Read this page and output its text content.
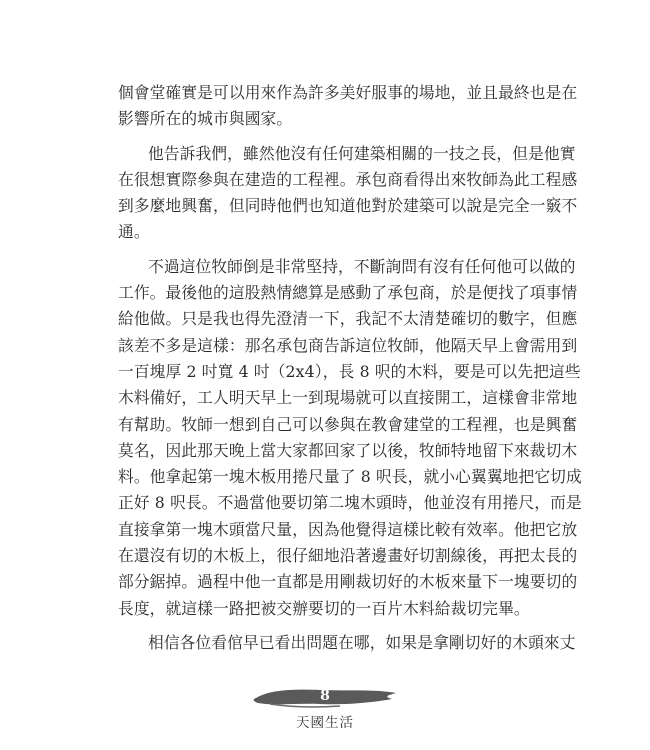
個會堂確實是可以用來作為許多美好服事的場地，並且最終也是在
影響所在的城市與國家。
他告訴我們，雖然他沒有任何建築相關的一技之長，但是他實
在很想實際參與在建造的工程裡。承包商看得出來牧師為此工程感
到多麼地興奮，但同時他們也知道他對於建築可以說是完全一竅不
通。
不過這位牧師倒是非常堅持，不斷詢問有沒有任何他可以做的
工作。最後他的這股熱情總算是感動了承包商，於是便找了項事情
給他做。只是我也得先澄清一下，我記不太清楚確切的數字，但應
該差不多是這樣：那名承包商告訴這位牧師，他隔天早上會需用到
一百塊厚 2 吋寬 4 吋（2x4），長 8 呎的木料，要是可以先把這些
木料備好，工人明天早上一到現場就可以直接開工，這樣會非常地
有幫助。牧師一想到自己可以參與在教會建堂的工程裡，也是興奮
莫名，因此那天晚上當大家都回家了以後，牧師特地留下來裁切木
料。他拿起第一塊木板用捲尺量了 8 呎長，就小心翼翼地把它切成
正好 8 呎長。不過當他要切第二塊木頭時，他並沒有用捲尺，而是
直接拿第一塊木頭當尺量，因為他覺得這樣比較有效率。他把它放
在還沒有切的木板上，很仔細地沿著邊畫好切割線後，再把太長的
部分鋸掉。過程中他一直都是用剛裁切好的木板來量下一塊要切的
長度，就這樣一路把被交辦要切的一百片木料給裁切完畢。
相信各位看倌早已看出問題在哪，如果是拿剛切好的木頭來丈
8
天國生活
